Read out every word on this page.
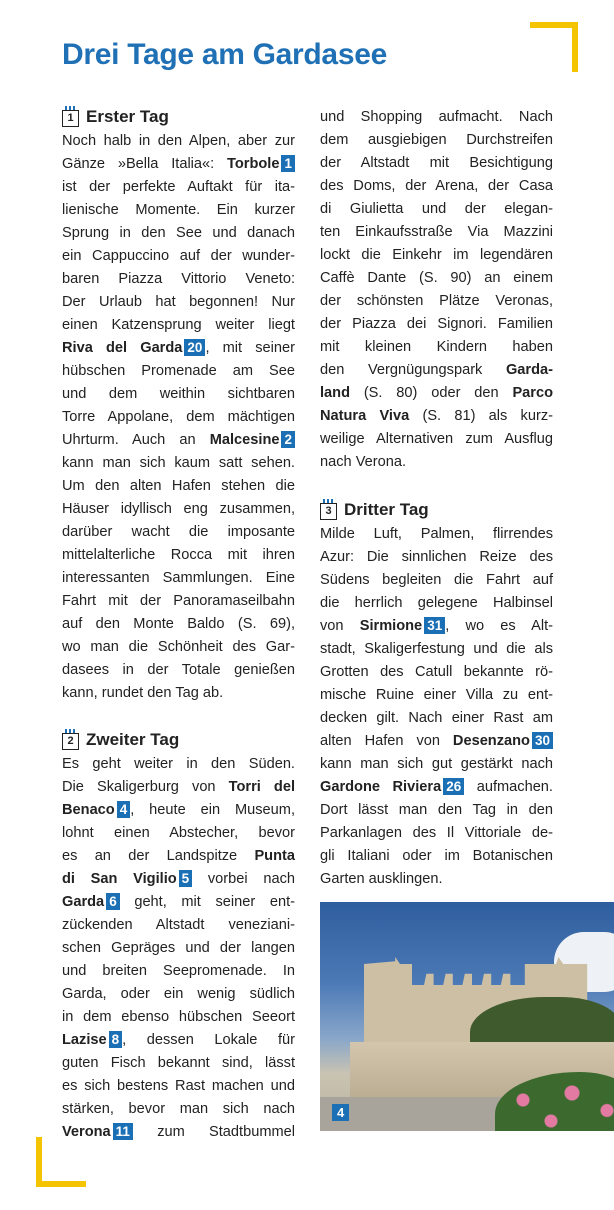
Drei Tage am Gardasee
1 Erster Tag
Noch halb in den Alpen, aber zur
Gänze »Bella Italia«: Torbole 1
ist der perfekte Auftakt für ita-
lienische Momente. Ein kurzer
Sprung in den See und danach
ein Cappuccino auf der wunder-
baren Piazza Vittorio Veneto:
Der Urlaub hat begonnen! Nur
einen Katzensprung weiter liegt
Riva del Garda 20 , mit seiner
hübschen Promenade am See
und dem weithin sichtbaren
Torre Appolane, dem mächtigen
Uhrturm. Auch an Malcesine 2
kann man sich kaum satt sehen.
Um den alten Hafen stehen die
Häuser idyllisch eng zusammen,
darüber wacht die imposante
mittelalterliche Rocca mit ihren
interessanten Sammlungen. Eine
Fahrt mit der Panoramaseilbahn
auf den Monte Baldo (S. 69),
wo man die Schönheit des Gar-
dasees in der Totale genießen
kann, rundet den Tag ab.
2 Zweiter Tag
Es geht weiter in den Süden.
Die Skaligerburg von Torri del
Benaco 4 , heute ein Museum,
lohnt einen Abstecher, bevor
es an der Landspitze Punta
di San Vigilio 5 vorbei nach
Garda 6 geht, mit seiner ent-
zückenden Altstadt veneziani-
schen Gepräges und der langen
und breiten Seepromenade. In
Garda, oder ein wenig südlich
in dem ebenso hübschen Seeort
Lazise 8 , dessen Lokale für
guten Fisch bekannt sind, lässt
es sich bestens Rast machen und
stärken, bevor man sich nach
Verona 11 zum Stadtbummel
und Shopping aufmacht. Nach
dem ausgiebigen Durchstreifen
der Altstadt mit Besichtigung
des Doms, der Arena, der Casa
di Giulietta und der elegan-
ten Einkaufsstraße Via Mazzini
lockt die Einkehr im legendären
Caffè Dante (S. 90) an einem
der schönsten Plätze Veronas,
der Piazza dei Signori. Familien
mit kleinen Kindern haben
den Vergnügungspark Garda-
land (S. 80) oder den Parco
Natura Viva (S. 81) als kurz-
weilige Alternativen zum Ausflug
nach Verona.
3 Dritter Tag
Milde Luft, Palmen, flirrendes
Azur: Die sinnlichen Reize des
Südens begleiten die Fahrt auf
die herrlich gelegene Halbinsel
von Sirmione 31 , wo es Alt-
stadt, Skaligerfestung und die als
Grotten des Catull bekannte rö-
mische Ruine einer Villa zu ent-
decken gilt. Nach einer Rast am
alten Hafen von Desenzano 30
kann man sich gut gestärkt nach
Gardone Riviera 26 aufmachen.
Dort lässt man den Tag in den
Parkanlagen des Il Vittoriale de-
gli Italiani oder im Botanischen
Garten ausklingen.
4
